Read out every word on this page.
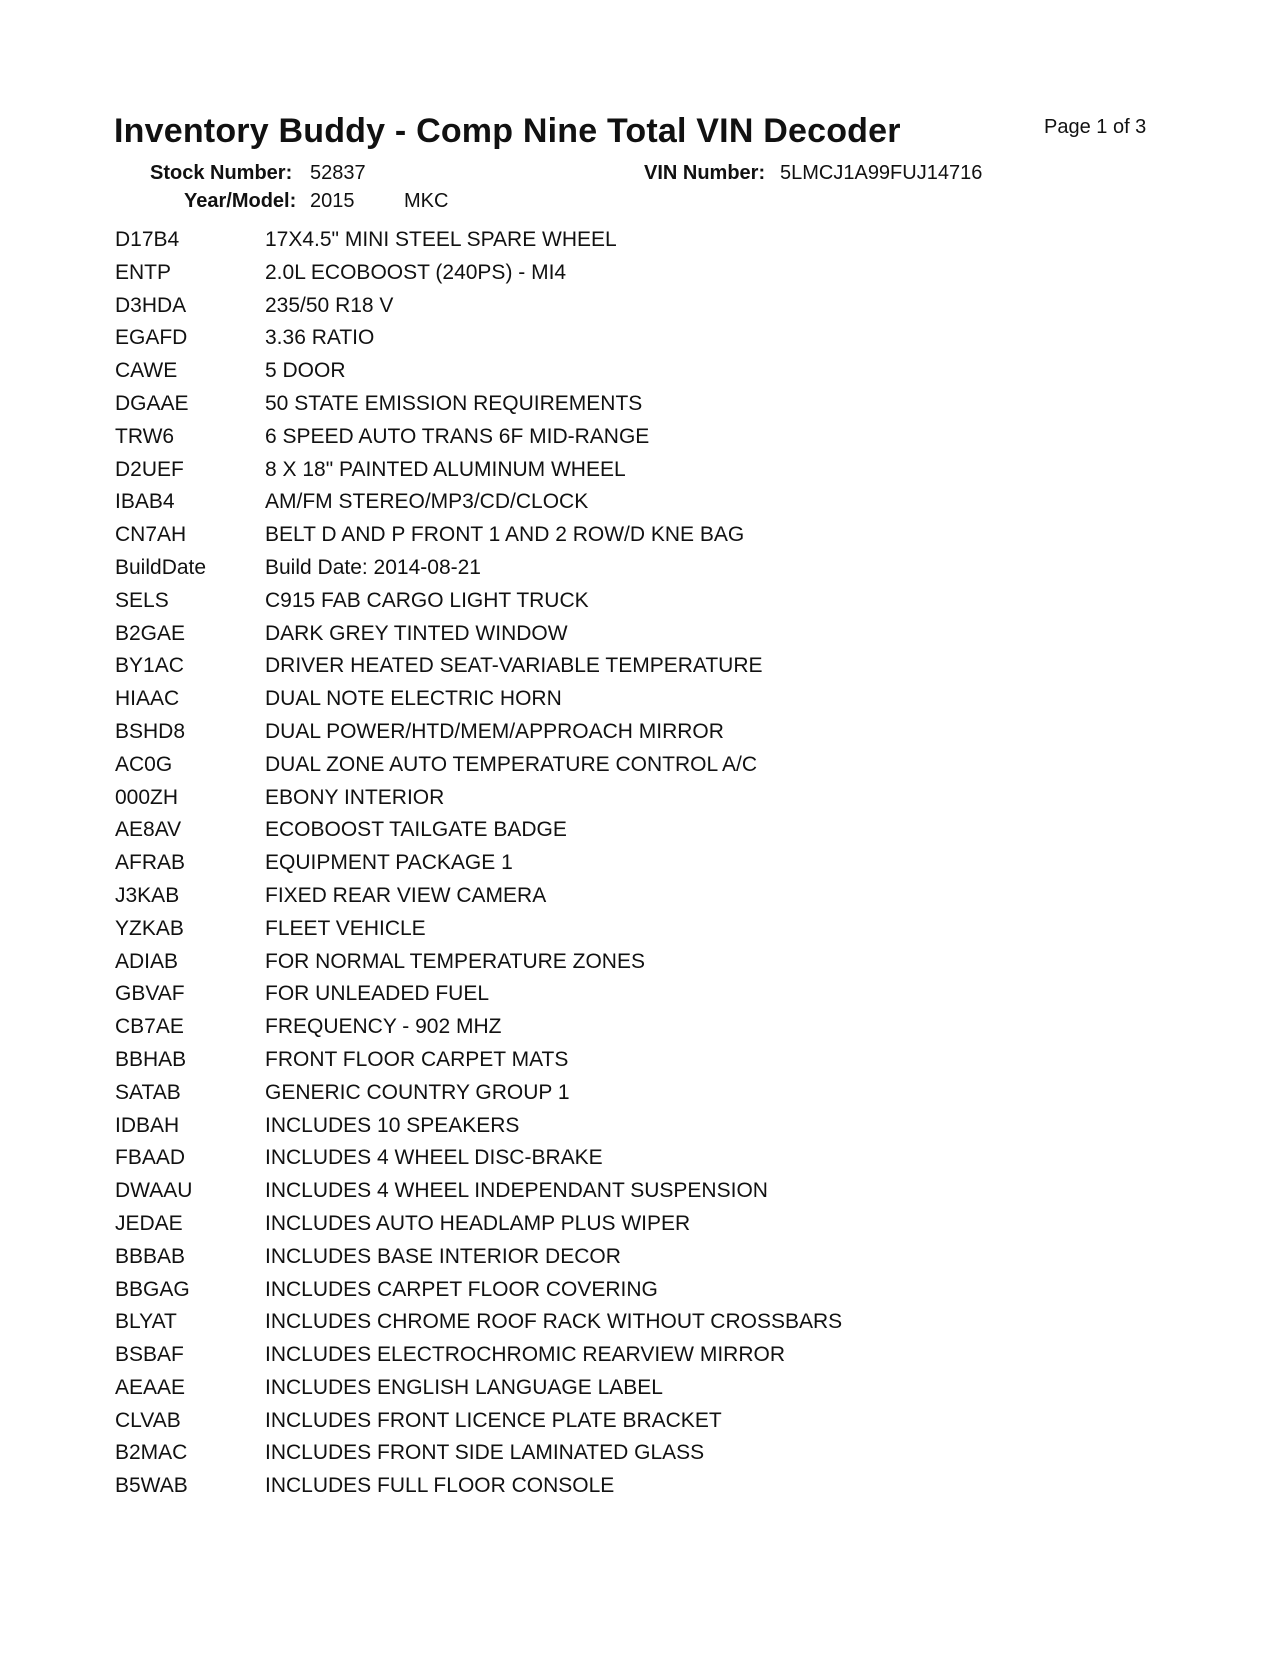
Inventory Buddy - Comp Nine Total VIN Decoder	Page 1 of 3
Stock Number: 52837	VIN Number: 5LMCJ1A99FUJ14716
Year/Model: 2015 MKC
D17B4	17X4.5" MINI STEEL SPARE WHEEL
ENTP	2.0L ECOBOOST (240PS) - MI4
D3HDA	235/50 R18 V
EGAFD	3.36 RATIO
CAWE	5 DOOR
DGAAE	50 STATE EMISSION REQUIREMENTS
TRW6	6 SPEED AUTO TRANS 6F MID-RANGE
D2UEF	8 X 18" PAINTED ALUMINUM WHEEL
IBAB4	AM/FM STEREO/MP3/CD/CLOCK
CN7AH	BELT D AND P FRONT 1 AND 2 ROW/D KNE BAG
BuildDate	Build Date: 2014-08-21
SELS	C915 FAB CARGO LIGHT TRUCK
B2GAE	DARK GREY TINTED WINDOW
BY1AC	DRIVER HEATED SEAT-VARIABLE TEMPERATURE
HIAAC	DUAL NOTE ELECTRIC HORN
BSHD8	DUAL POWER/HTD/MEM/APPROACH MIRROR
AC0G	DUAL ZONE AUTO TEMPERATURE CONTROL A/C
000ZH	EBONY INTERIOR
AE8AV	ECOBOOST TAILGATE BADGE
AFRAB	EQUIPMENT PACKAGE 1
J3KAB	FIXED REAR VIEW CAMERA
YZKAB	FLEET VEHICLE
ADIAB	FOR NORMAL TEMPERATURE ZONES
GBVAF	FOR UNLEADED FUEL
CB7AE	FREQUENCY - 902 MHZ
BBHAB	FRONT FLOOR CARPET MATS
SATAB	GENERIC COUNTRY GROUP 1
IDBAH	INCLUDES 10 SPEAKERS
FBAAD	INCLUDES 4 WHEEL DISC-BRAKE
DWAAU	INCLUDES 4 WHEEL INDEPENDANT SUSPENSION
JEDAE	INCLUDES AUTO HEADLAMP PLUS WIPER
BBBAB	INCLUDES BASE INTERIOR DECOR
BBGAG	INCLUDES CARPET FLOOR COVERING
BLYAT	INCLUDES CHROME ROOF RACK WITHOUT CROSSBARS
BSBAF	INCLUDES ELECTROCHROMIC REARVIEW MIRROR
AEAAE	INCLUDES ENGLISH LANGUAGE LABEL
CLVAB	INCLUDES FRONT LICENCE PLATE BRACKET
B2MAC	INCLUDES FRONT SIDE LAMINATED GLASS
B5WAB	INCLUDES FULL FLOOR CONSOLE
